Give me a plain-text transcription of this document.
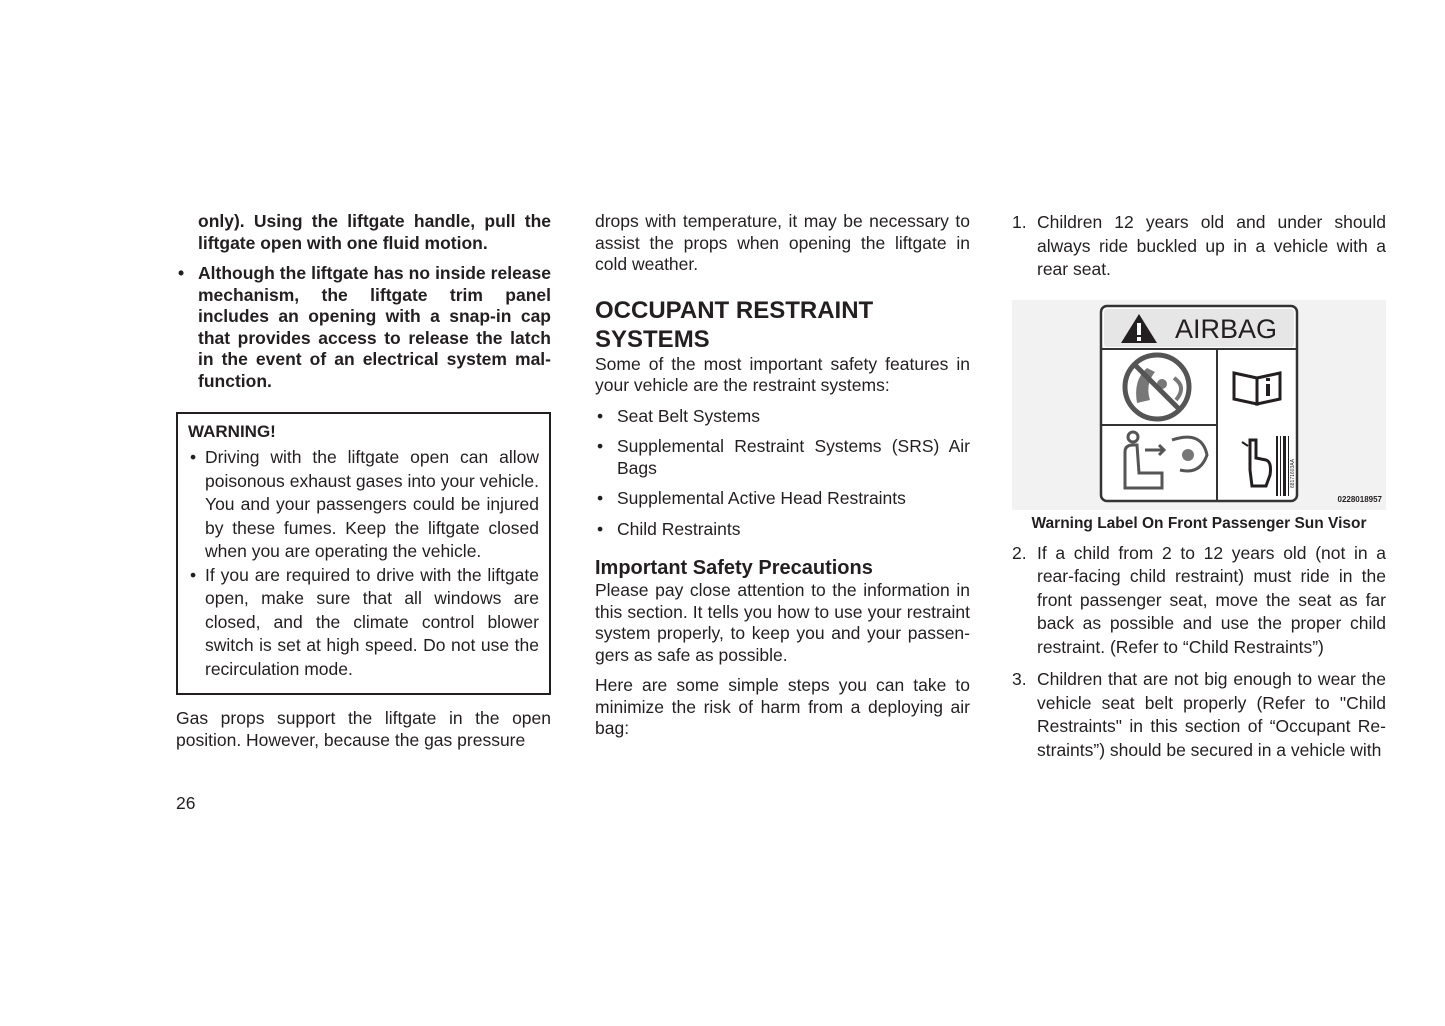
only). Using the liftgate handle, pull the liftgate open with one fluid motion.

• Although the liftgate has no inside release mechanism, the liftgate trim panel includes an opening with a snap-in cap that provides access to release the latch in the event of an electrical system malfunction.
WARNING!
• Driving with the liftgate open can allow poisonous exhaust gases into your vehicle. You and your passengers could be injured by these fumes. Keep the liftgate closed when you are operating the vehicle.
• If you are required to drive with the liftgate open, make sure that all windows are closed, and the climate control blower switch is set at high speed. Do not use the recirculation mode.

Gas props support the liftgate in the open position. However, because the gas pressure

drops with temperature, it may be necessary to assist the props when opening the liftgate in cold weather.

OCCUPANT RESTRAINT
SYSTEMS

Some of the most important safety features in your vehicle are the restraint systems:

• Seat Belt Systems
• Supplemental Restraint Systems (SRS) Air Bags
• Supplemental Active Head Restraints
• Child Restraints
Important Safety Precautions

Please pay close attention to the information in this section. It tells you how to use your restraint system properly, to keep you and your passengers as safe as possible.

Here are some simple steps you can take to minimize the risk of harm from a deploying air bag:

1. Children 12 years old and under should always ride buckled up in a vehicle with a rear seat.
AIRBAG
68171603AA
0228018957
Warning Label On Front Passenger Sun Visor
2. If a child from 2 to 12 years old (not in a rear-facing child restraint) must ride in the front passenger seat, move the seat as far back as possible and use the proper child restraint. (Refer to “Child Restraints”)
3. Children that are not big enough to wear the vehicle seat belt properly (Refer to "Child Restraints" in this section of “Occupant Restraints”) should be secured in a vehicle with
26
